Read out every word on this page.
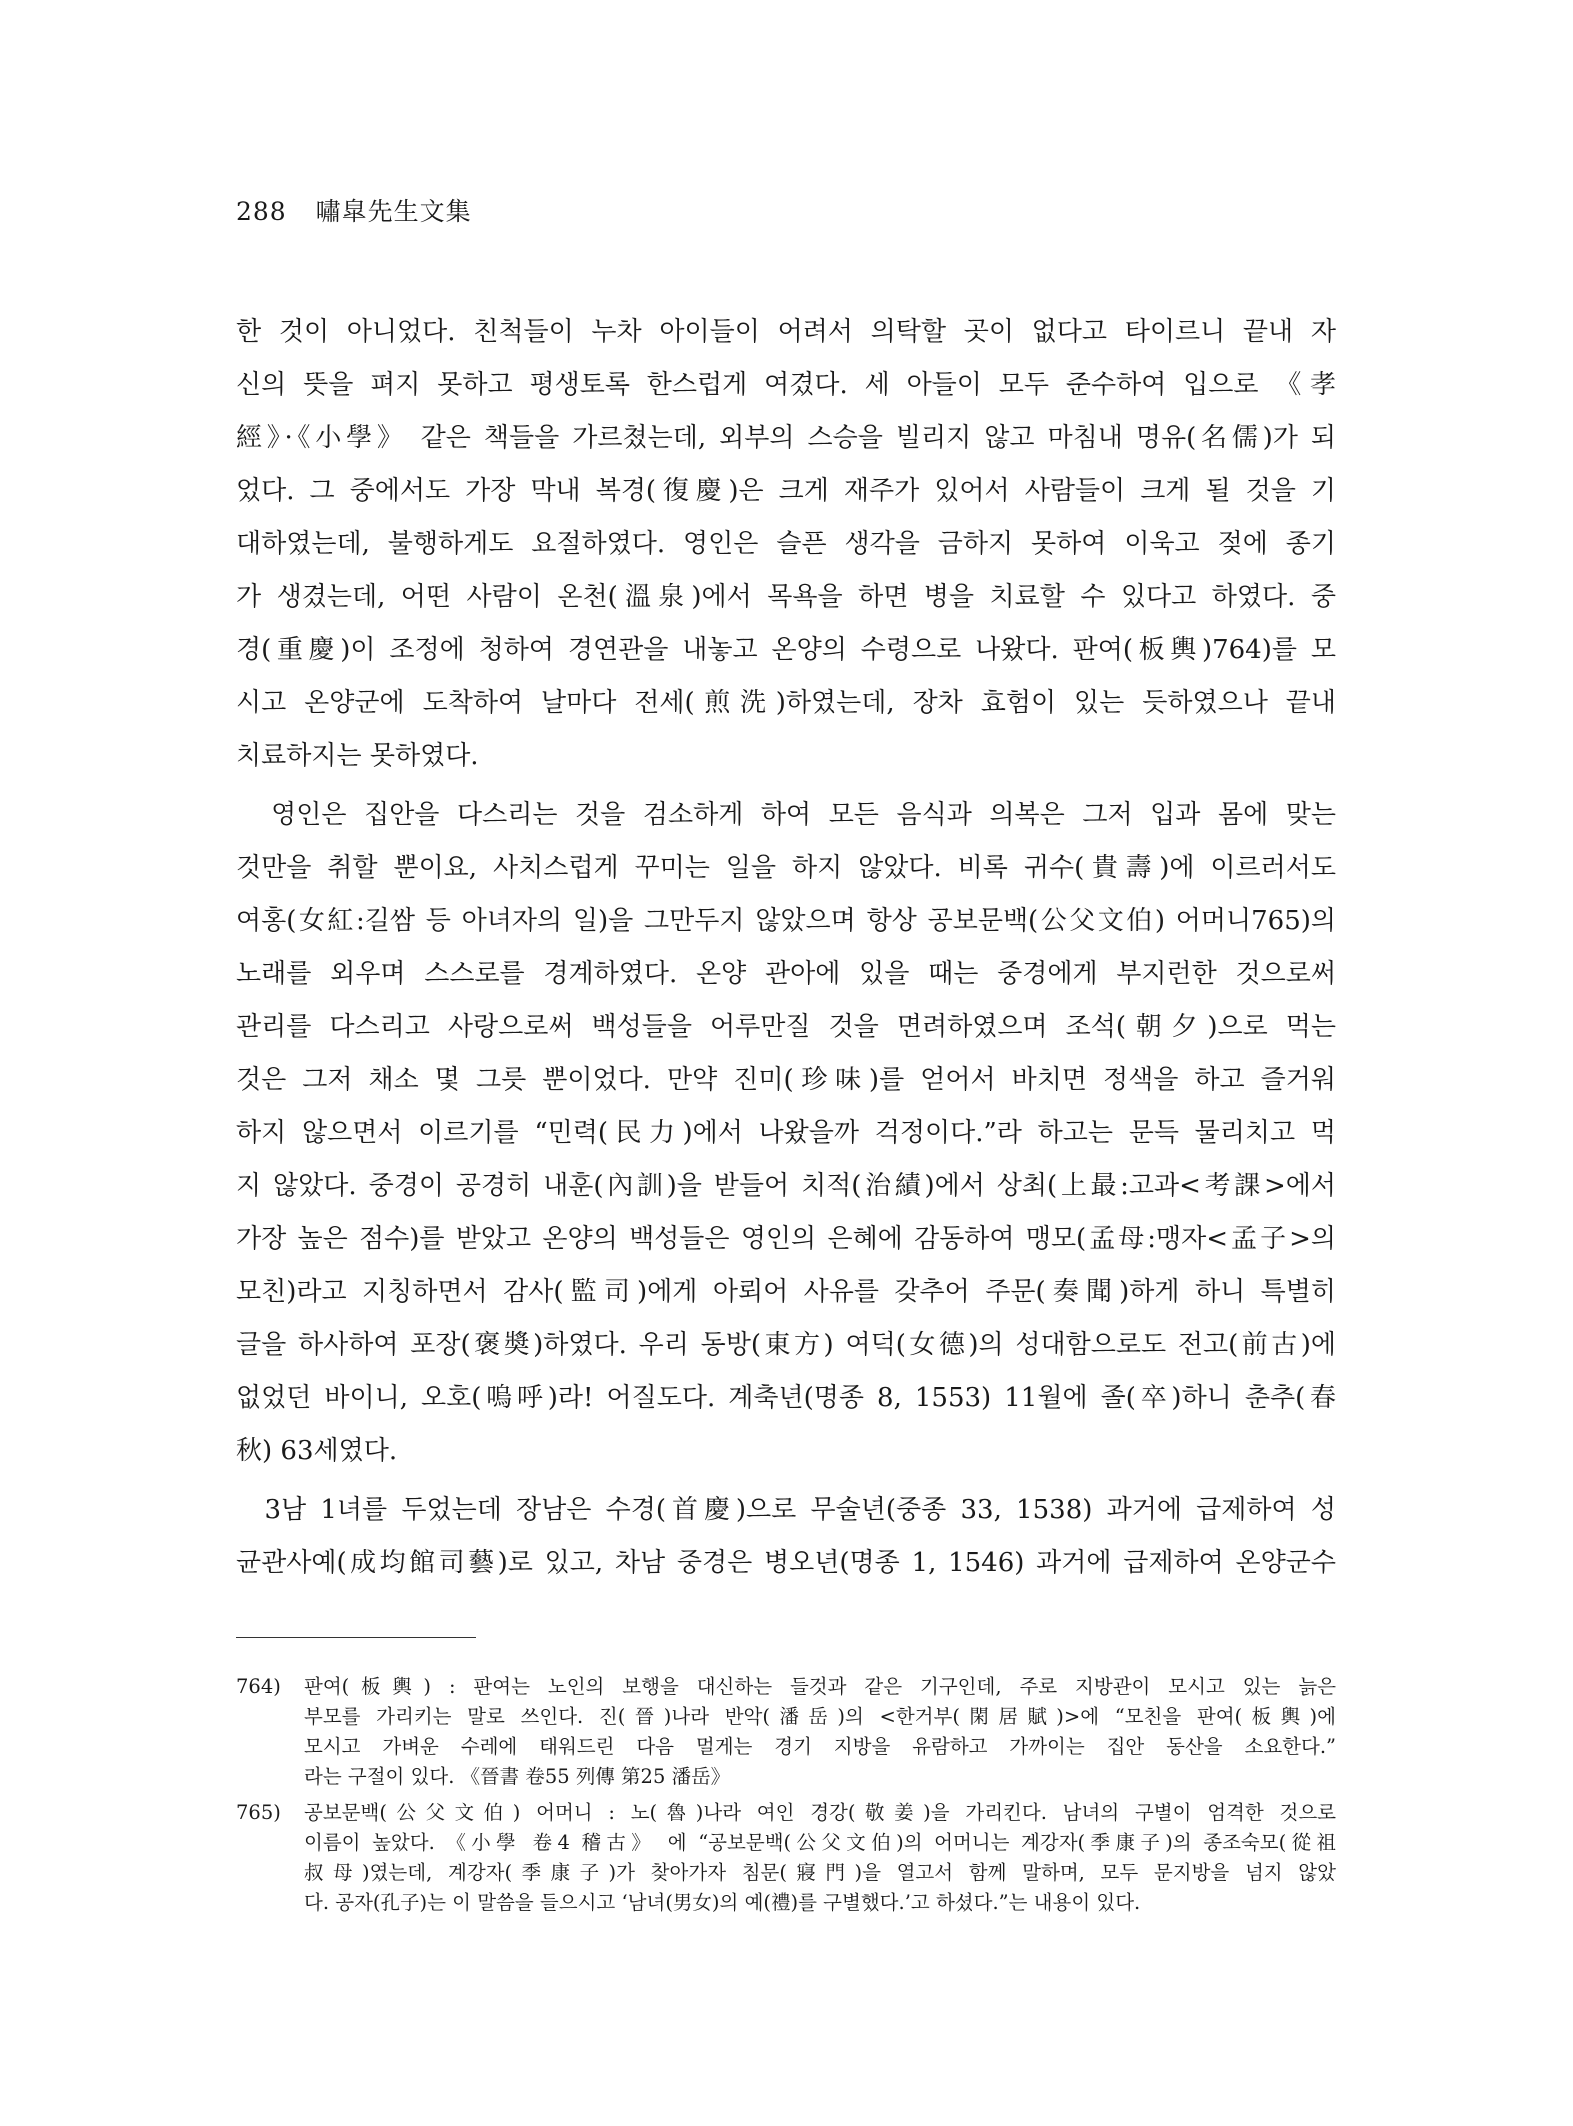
288 嘯皐先生文集
한 것이 아니었다. 친척들이 누차 아이들이 어려서 의탁할 곳이 없다고 타이르니 끝내 자
신의 뜻을 펴지 못하고 평생토록 한스럽게 여겼다. 세 아들이 모두 준수하여 입으로 《孝
經》·《小學》 같은 책들을 가르쳤는데, 외부의 스승을 빌리지 않고 마침내 명유(名儒)가 되
었다. 그 중에서도 가장 막내 복경(復慶)은 크게 재주가 있어서 사람들이 크게 될 것을 기
대하였는데, 불행하게도 요절하였다. 영인은 슬픈 생각을 금하지 못하여 이욱고 젖에 종기
가 생겼는데, 어떤 사람이 온천(溫泉)에서 목욕을 하면 병을 치료할 수 있다고 하였다. 중
경(重慶)이 조정에 청하여 경연관을 내놓고 온양의 수령으로 나왔다. 판여(板輿)764)를 모
시고 온양군에 도착하여 날마다 전세(煎洗)하였는데, 장차 효험이 있는 듯하였으나 끝내
치료하지는 못하였다.
영인은 집안을 다스리는 것을 검소하게 하여 모든 음식과 의복은 그저 입과 몸에 맞는
것만을 취할 뿐이요, 사치스럽게 꾸미는 일을 하지 않았다. 비록 귀수(貴壽)에 이르러서도
여홍(女紅:길쌈 등 아녀자의 일)을 그만두지 않았으며 항상 공보문백(公父文伯) 어머니765)의
노래를 외우며 스스로를 경계하였다. 온양 관아에 있을 때는 중경에게 부지런한 것으로써
관리를 다스리고 사랑으로써 백성들을 어루만질 것을 면려하였으며 조석(朝夕)으로 먹는
것은 그저 채소 몇 그릇 뿐이었다. 만약 진미(珍味)를 얻어서 바치면 정색을 하고 즐거워
하지 않으면서 이르기를 “민력(民力)에서 나왔을까 걱정이다.”라 하고는 문득 물리치고 먹
지 않았다. 중경이 공경히 내훈(內訓)을 받들어 치적(治績)에서 상최(上最:고과<考課>에서
가장 높은 점수)를 받았고 온양의 백성들은 영인의 은혜에 감동하여 맹모(孟母:맹자<孟子>의
모친)라고 지칭하면서 감사(監司)에게 아뢰어 사유를 갖추어 주문(奏聞)하게 하니 특별히
글을 하사하여 포장(褒奬)하였다. 우리 동방(東方) 여덕(女德)의 성대함으로도 전고(前古)에
없었던 바이니, 오호(嗚呼)라! 어질도다. 계축년(명종 8, 1553) 11월에 졸(卒)하니 춘추(春
秋) 63세였다.
3남 1녀를 두었는데 장남은 수경(首慶)으로 무술년(중종 33, 1538) 과거에 급제하여 성
균관사예(成均館司藝)로 있고, 차남 중경은 병오년(명종 1, 1546) 과거에 급제하여 온양군수
764) 판여(板輿) : 판여는 노인의 보행을 대신하는 들것과 같은 기구인데, 주로 지방관이 모시고 있는 늙은
부모를 가리키는 말로 쓰인다. 진(晉)나라 반악(潘岳)의 <한거부(閑居賦)>에 “모친을 판여(板輿)에
모시고 가벼운 수레에 태워드린 다음 멀게는 경기 지방을 유람하고 가까이는 집안 동산을 소요한다.”
라는 구절이 있다. 《晉書 卷55 列傳 第25 潘岳》
765) 공보문백(公父文伯) 어머니 : 노(魯)나라 여인 경강(敬姜)을 가리킨다. 남녀의 구별이 엄격한 것으로
이름이 높았다. 《小學 卷4 稽古》 에 “공보문백(公父文伯)의 어머니는 계강자(季康子)의 종조숙모(從祖
叔母)였는데, 계강자(季康子)가 찾아가자 침문(寢門)을 열고서 함께 말하며, 모두 문지방을 넘지 않았
다. 공자(孔子)는 이 말씀을 들으시고 ‘남녀(男女)의 예(禮)를 구별했다.’고 하셨다.”는 내용이 있다.
